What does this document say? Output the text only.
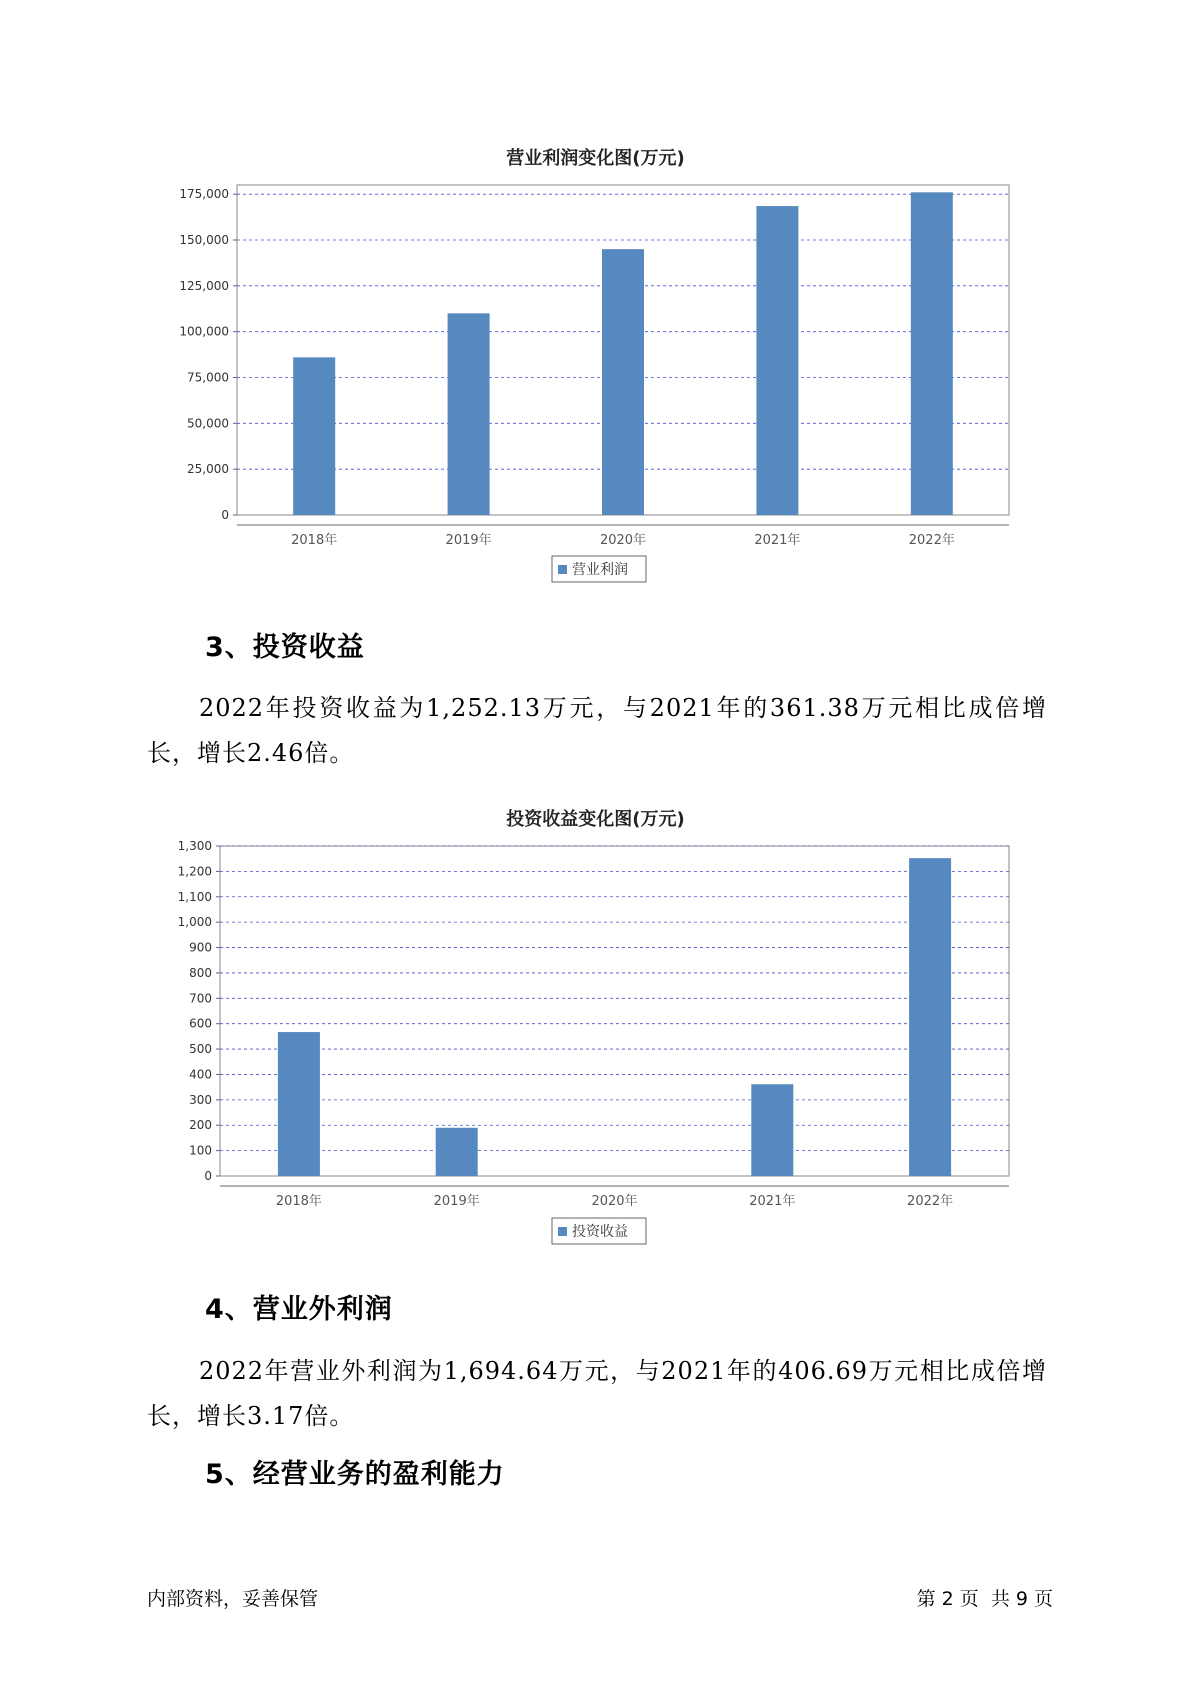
营业利润变化图(万元)
0
25,000
50,000
75,000
100,000
125,000
150,000
175,000
2018年	2019年	2020年	2021年	2022年
营业利润
3、投资收益
2022年投资收益为1,252.13万元，与2021年的361.38万元相比成倍增长，增长2.46倍。
投资收益变化图(万元)
0
100
200
300
400
500
600
700
800
900
1,000
1,100
1,200
1,300
2018年	2019年	2020年	2021年	2022年
投资收益
4、营业外利润
2022年营业外利润为1,694.64万元，与2021年的406.69万元相比成倍增长，增长3.17倍。
5、经营业务的盈利能力
内部资料，妥善保管	第 2 页  共 9 页
